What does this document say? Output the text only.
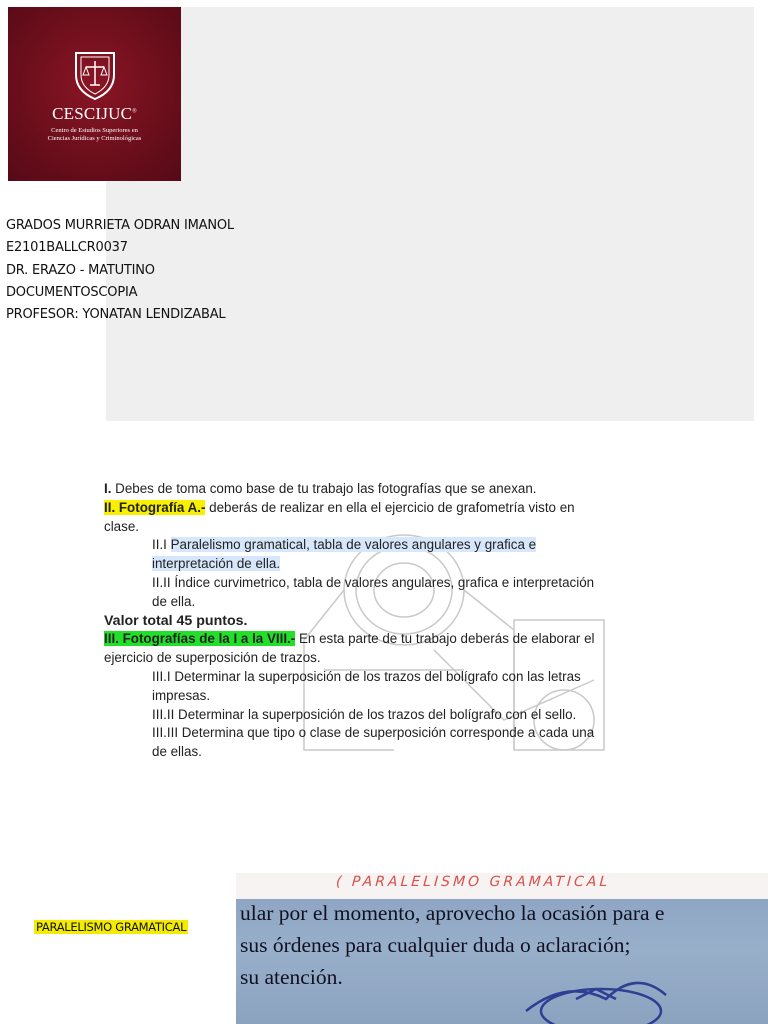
CESCIJUC®
Centro de Estudios Superiores en
Ciencias Jurídicas y Criminológicas
GRADOS MURRIETA ODRAN IMANOL
E2101BALLCR0037
DR. ERAZO - MATUTINO
DOCUMENTOSCOPIA
PROFESOR: YONATAN LENDIZABAL
I. Debes de toma como base de tu trabajo las fotografías que se anexan.
II. Fotografía A.- deberás de realizar en ella el ejercicio de grafometría visto en
clase.
II.I Paralelismo gramatical, tabla de valores angulares y grafica e
interpretación de ella.
II.II Índice curvimetrico, tabla de valores angulares, grafica e interpretación
de ella.
Valor total 45 puntos.
III. Fotografías de la I a la VIII.- En esta parte de tu trabajo deberás de elaborar el
ejercicio de superposición de trazos.
III.I Determinar la superposición de los trazos del bolígrafo con las letras
impresas.
III.II Determinar la superposición de los trazos del bolígrafo con el sello.
III.III Determina que tipo o clase de superposición corresponde a cada una
de ellas.
PARALELISMO GRAMATICAL
( PARALELISMO GRAMATICAL
ular por el momento, aprovecho la ocasión para e
sus órdenes para cualquier duda o aclaración;
su atención.
